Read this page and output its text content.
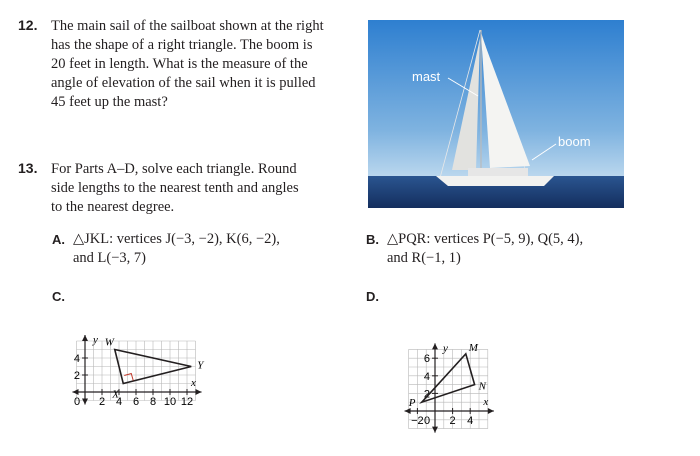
12. The main sail of the sailboat shown at the right
has the shape of a right triangle. The boom is
20 feet in length. What is the measure of the
angle of elevation of the sail when it is pulled
45 feet up the mast?
mast
boom
13. For Parts A–D, solve each triangle. Round
side lengths to the nearest tenth and angles
to the nearest degree.
A. △JKL: vertices J(−3, −2), K(6, −2),
and L(−3, 7)
B. △PQR: vertices P(−5, 9), Q(5, 4),
and R(−1, 1)
C.	D.
x
y
0 2 4 6 8 10 12
2
4
W
Y
X
x
y
0
−2 2 4
2
4
6
M
N
P
